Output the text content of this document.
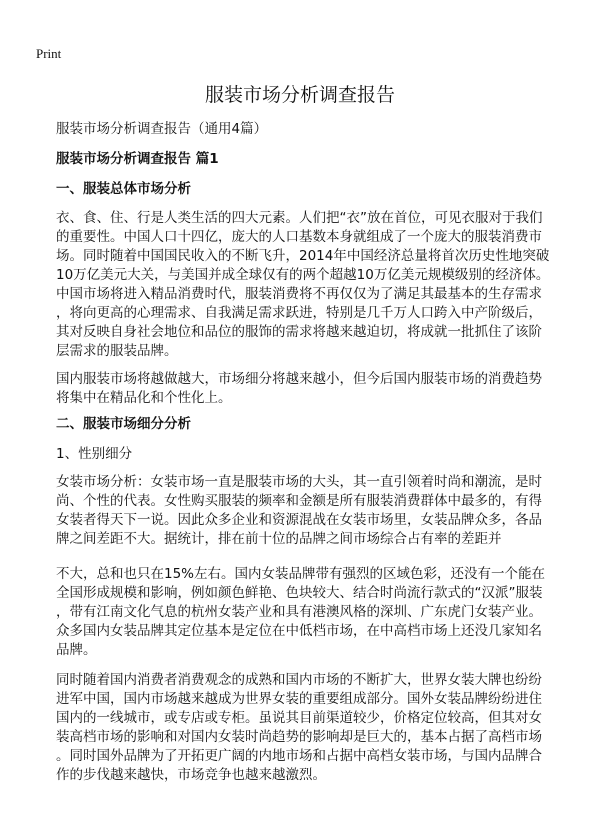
Print
服装市场分析调查报告
服装市场分析调查报告（通用4篇）
服装市场分析调查报告 篇1
一、服装总体市场分析
衣、食、住、行是人类生活的四大元素。人们把“衣”放在首位，可见衣服对于我们
的重要性。中国人口十四亿，庞大的人口基数本身就组成了一个庞大的服装消费市
场。同时随着中国国民收入的不断飞升，2014年中国经济总量将首次历史性地突破
10万亿美元大关，与美国并成全球仅有的两个超越10万亿美元规模级别的经济体。
中国市场将进入精品消费时代，服装消费将不再仅仅为了满足其最基本的生存需求
，将向更高的心理需求、自我满足需求跃进，特别是几千万人口跨入中产阶级后，
其对反映自身社会地位和品位的服饰的需求将越来越迫切，将成就一批抓住了该阶
层需求的服装品牌。
国内服装市场将越做越大，市场细分将越来越小，但今后国内服装市场的消费趋势
将集中在精品化和个性化上。
二、服装市场细分分析
1、性别细分
女装市场分析：女装市场一直是服装市场的大头，其一直引领着时尚和潮流，是时
尚、个性的代表。女性购买服装的频率和金额是所有服装消费群体中最多的，有得
女装者得天下一说。因此众多企业和资源混战在女装市场里，女装品牌众多，各品
牌之间差距不大。据统计，排在前十位的品牌之间市场综合占有率的差距并
不大，总和也只在15%左右。国内女装品牌带有强烈的区域色彩，还没有一个能在
全国形成规模和影响，例如颜色鲜艳、色块较大、结合时尚流行款式的“汉派”服装
，带有江南文化气息的杭州女装产业和具有港澳风格的深圳、广东虎门女装产业。
众多国内女装品牌其定位基本是定位在中低档市场，在中高档市场上还没几家知名
品牌。
同时随着国内消费者消费观念的成熟和国内市场的不断扩大，世界女装大牌也纷纷
进军中国，国内市场越来越成为世界女装的重要组成部分。国外女装品牌纷纷进住
国内的一线城市，或专店或专柜。虽说其目前渠道较少，价格定位较高，但其对女
装高档市场的影响和对国内女装时尚趋势的影响却是巨大的，基本占据了高档市场
。同时国外品牌为了开拓更广阔的内地市场和占据中高档女装市场，与国内品牌合
作的步伐越来越快，市场竞争也越来越激烈。
